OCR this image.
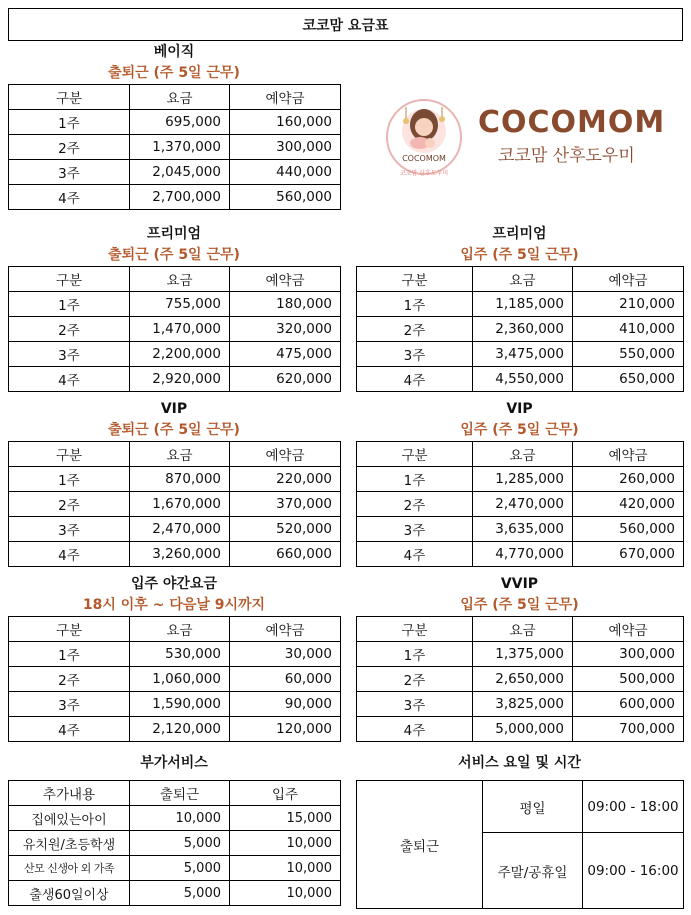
코코맘 요금표
COCOMOM
코코맘 산후도우미
COCOMOM
코코맘 산후도우미
베이직
출퇴근 (주 5일 근무)
구분	요금	예약금
1주	695,000	160,000
2주	1,370,000	300,000
3주	2,045,000	440,000
4주	2,700,000	560,000
프리미엄
출퇴근 (주 5일 근무)
구분	요금	예약금
1주	755,000	180,000
2주	1,470,000	320,000
3주	2,200,000	475,000
4주	2,920,000	620,000
프리미엄
입주 (주 5일 근무)
구분	요금	예약금
1주	1,185,000	210,000
2주	2,360,000	410,000
3주	3,475,000	550,000
4주	4,550,000	650,000
VIP
출퇴근 (주 5일 근무)
구분	요금	예약금
1주	870,000	220,000
2주	1,670,000	370,000
3주	2,470,000	520,000
4주	3,260,000	660,000
VIP
입주 (주 5일 근무)
구분	요금	예약금
1주	1,285,000	260,000
2주	2,470,000	420,000
3주	3,635,000	560,000
4주	4,770,000	670,000
입주 야간요금
18시 이후 ~ 다음날 9시까지
구분	요금	예약금
1주	530,000	30,000
2주	1,060,000	60,000
3주	1,590,000	90,000
4주	2,120,000	120,000
VVIP
입주 (주 5일 근무)
구분	요금	예약금
1주	1,375,000	300,000
2주	2,650,000	500,000
3주	3,825,000	600,000
4주	5,000,000	700,000
부가서비스
추가내용	출퇴근	입주
집에있는아이	10,000	15,000
유치원/초등학생	5,000	10,000
산모 신생아 외 가족	5,000	10,000
출생60일이상	5,000	10,000
서비스 요일 및 시간
출퇴근	평일	09:00 - 18:00
	주말/공휴일	09:00 - 16:00
